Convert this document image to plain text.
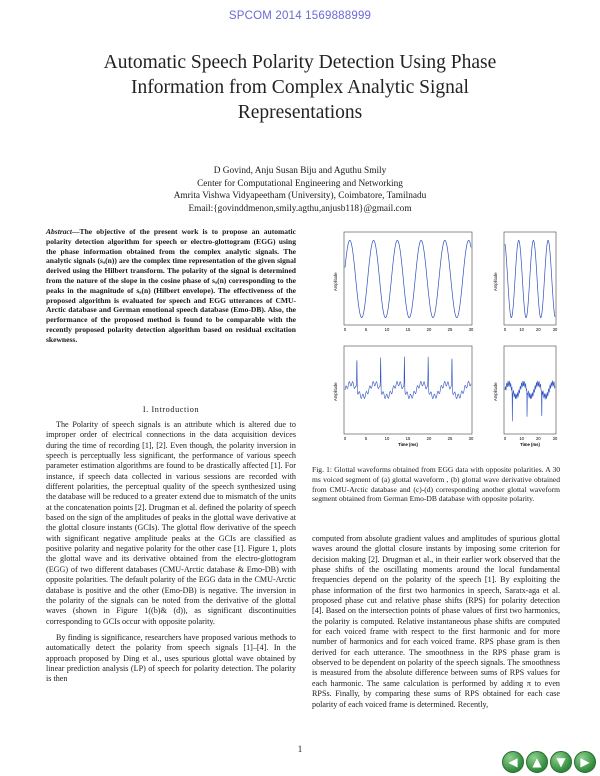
SPCOM 2014 1569888999
Automatic Speech Polarity Detection Using Phase
Information from Complex Analytic Signal
Representations
D Govind, Anju Susan Biju and Aguthu Smily
Center for Computational Engineering and Networking
Amrita Vishwa Vidyapeetham (University), Coimbatore, Tamilnadu
Email:{govinddmenon,smily.agthu,anjusb118}@gmail.com
Abstract—The objective of the present work is to propose an automatic polarity detection algorithm for speech or electro-glottogram (EGG) using the phase information obtained from the complex analytic signals. The analytic signals (sₐ(n)) are the complex time representation of the given signal derived using the Hilbert transform. The polarity of the signal is determined from the nature of the slope in the cosine phase of sₐ(n) corresponding to the peaks in the magnitude of sₐ(n) (Hilbert envelope). The effectiveness of the proposed algorithm is evaluated for speech and EGG utterances of CMU-Arctic database and German emotional speech database (Emo-DB). Also, the performance of the proposed method is found to be comparable with the recently proposed polarity detection algorithm based on residual excitation skewness.
I. Introduction

The Polarity of speech signals is an attribute which is altered due to improper order of electrical connections in the data acquisition devices during the time of recording [1], [2]. Even though, the polarity inversion in speech is perceptually less significant, the performance of various speech parameter estimation algorithms are found to be drastically affected [1]. For instance, if speech data collected in various sessions are recorded with different polarities, the perceptual quality of the speech synthesized using the database will be reduced to a greater extend due to mismatch of the units at the concatenation points [2]. Drugman et al. defined the polarity of speech based on the sign of the amplitudes of peaks in the glottal wave derivative at the glottal closure instants (GCIs). The glottal flow derivative of the speech with significant negative amplitude peaks at the GCIs are classified as positive polarity and negative polarity for the other case [1]. Figure 1, plots the glottal wave and its derivative obtained from the electro-glottogram (EGG) of two different databases (CMU-Arctic database & Emo-DB) with opposite polarities. The default polarity of the EGG data in the CMU-Arctic database is positive and the other (Emo-DB) is negative. The inversion in the polarity of the signals can be noted from the derivative of the glottal waves (shown in Figure 1((b)& (d)), as significant discontinuities corresponding to GCIs occur with opposite polarity.

By finding is significance, researchers have proposed various methods to automatically detect the polarity from speech signals [1]–[4]. In the approach proposed by Ding et al., uses spurious glottal wave obtained by linear prediction analysis (LP) of speech for polarity detection. The polarity is then

Amplitude	Amplitude
Amplitude	Amplitude
0	5	10	15	20	25	30
0	5	10	15	20	25	30
0	10	20	30
0	10	20	30
Time (ms)	Time (ms)
Fig. 1: Glottal waveforms obtained from EGG data with opposite polarities. A 30 ms voiced segment of (a) glottal waveform , (b) glottal wave derivative obtained from CMU-Arctic database and (c)-(d) corresponding another glottal waveform segment obtained from German Emo-DB database with opposite polarity.

computed from absolute gradient values and amplitudes of spurious glottal waves around the glottal closure instants by imposing some criterion for decision making [2]. Drugman et al., in their earlier work observed that the phase shifts of the oscillating moments around the local fundamental frequencies depend on the polarity of the speech [1]. By exploiting the phase information of the first two harmonics in speech, Saratx-aga et al. proposed phase cut and relative phase shifts (RPS) for polarity detection [4]. Based on the intersection points of phase values of first two harmonics, the polarity is computed. Relative instantaneous phase shifts are computed for each voiced frame with respect to the first harmonic and for more number of harmonics and for each voiced frame. RPS phase gram is then derived for each utterance. The smoothness in the RPS phase gram is observed to be dependent on polarity of the speech signals. The smoothness is measured from the absolute difference between sums of RPS values for each harmonic. The same calculation is performed by adding π to even RPSs. Finally, by comparing these sums of RPS obtained for each case polarity of each voiced frame is determined. Recently,

1
◀	▲	▼	▶
